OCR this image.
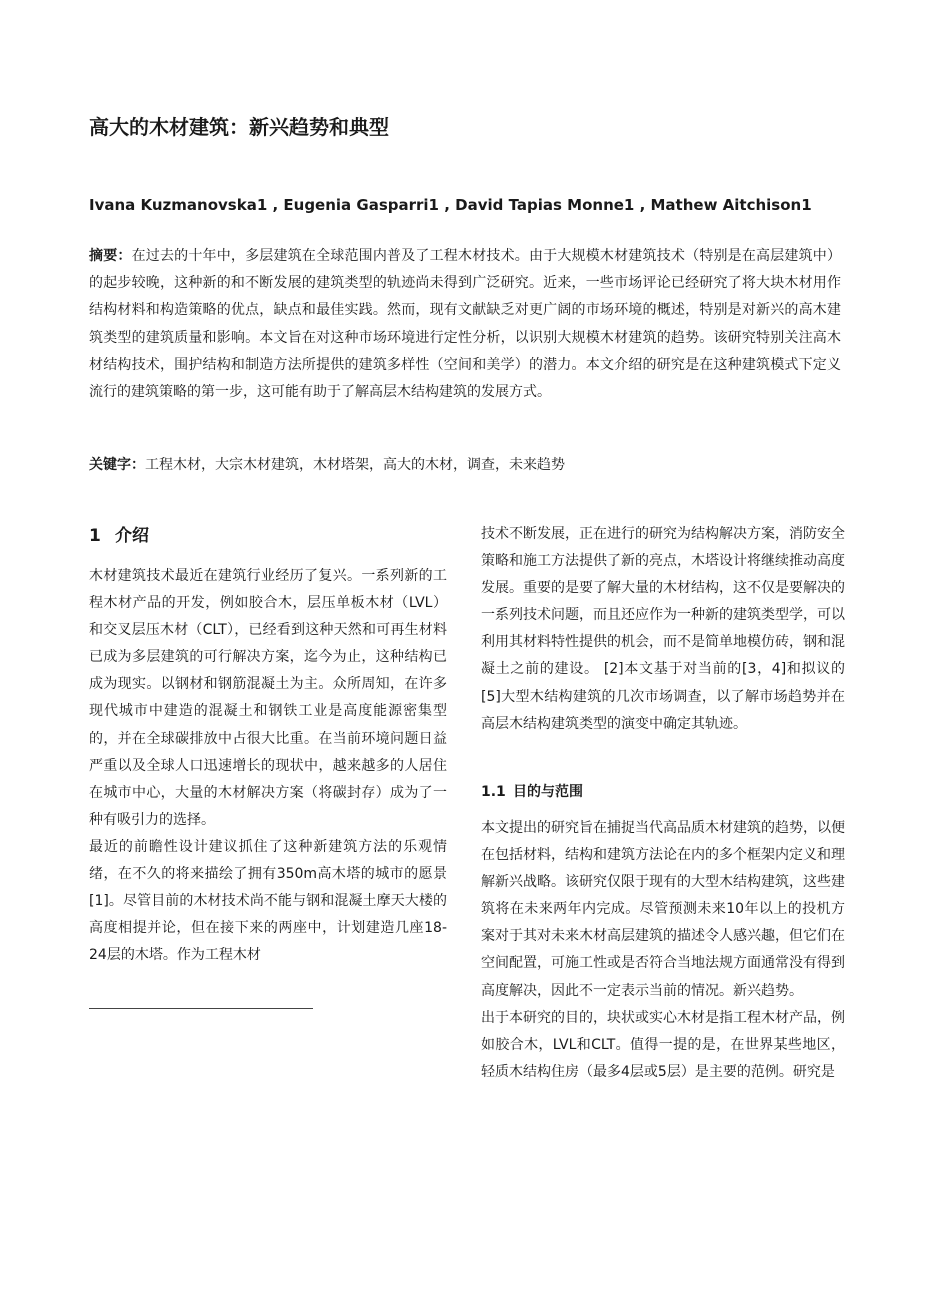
高大的木材建筑：新兴趋势和典型

Ivana Kuzmanovska1 , Eugenia Gasparri1 , David Tapias Monne1 , Mathew Aitchison1

摘要：在过去的十年中，多层建筑在全球范围内普及了工程木材技术。由于大规模木材建筑技术（特别是在高层建筑中）的起步较晚，这种新的和不断发展的建筑类型的轨迹尚未得到广泛研究。近来，一些市场评论已经研究了将大块木材用作结构材料和构造策略的优点，缺点和最佳实践。然而，现有文献缺乏对更广阔的市场环境的概述，特别是对新兴的高木建筑类型的建筑质量和影响。本文旨在对这种市场环境进行定性分析，以识别大规模木材建筑的趋势。该研究特别关注高木材结构技术，围护结构和制造方法所提供的建筑多样性（空间和美学）的潜力。本文介绍的研究是在这种建筑模式下定义流行的建筑策略的第一步，这可能有助于了解高层木结构建筑的发展方式。

关键字：工程木材，大宗木材建筑，木材塔架，高大的木材，调查，未来趋势

1 介绍

木材建筑技术最近在建筑行业经历了复兴。一系列新的工程木材产品的开发，例如胶合木，层压单板木材（LVL）和交叉层压木材（CLT），已经看到这种天然和可再生材料已成为多层建筑的可行解决方案，迄今为止，这种结构已成为现实。以钢材和钢筋混凝土为主。众所周知，在许多现代城市中建造的混凝土和钢铁工业是高度能源密集型的，并在全球碳排放中占很大比重。在当前环境问题日益严重以及全球人口迅速增长的现状中，越来越多的人居住在城市中心，大量的木材解决方案（将碳封存）成为了一种有吸引力的选择。

最近的前瞻性设计建议抓住了这种新建筑方法的乐观情绪，在不久的将来描绘了拥有350m高木塔的城市的愿景[1]。尽管目前的木材技术尚不能与钢和混凝土摩天大楼的高度相提并论，但在接下来的两座中，计划建造几座18-24层的木塔。作为工程木材

技术不断发展，正在进行的研究为结构解决方案，消防安全策略和施工方法提供了新的亮点，木塔设计将继续推动高度发展。重要的是要了解大量的木材结构，这不仅是要解决的一系列技术问题，而且还应作为一种新的建筑类型学，可以利用其材料特性提供的机会，而不是简单地模仿砖，钢和混凝土之前的建设。 [2]本文基于对当前的[3，4]和拟议的[5]大型木结构建筑的几次市场调查，以了解市场趋势并在高层木结构建筑类型的演变中确定其轨迹。

1.1 目的与范围

本文提出的研究旨在捕捉当代高品质木材建筑的趋势，以便在包括材料，结构和建筑方法论在内的多个框架内定义和理解新兴战略。该研究仅限于现有的大型木结构建筑，这些建筑将在未来两年内完成。尽管预测未来10年以上的投机方案对于其对未来木材高层建筑的描述令人感兴趣，但它们在空间配置，可施工性或是否符合当地法规方面通常没有得到高度解决，因此不一定表示当前的情况。新兴趋势。

出于本研究的目的，块状或实心木材是指工程木材产品，例如胶合木，LVL和CLT。值得一提的是，在世界某些地区，轻质木结构住房（最多4层或5层）是主要的范例。研究是
